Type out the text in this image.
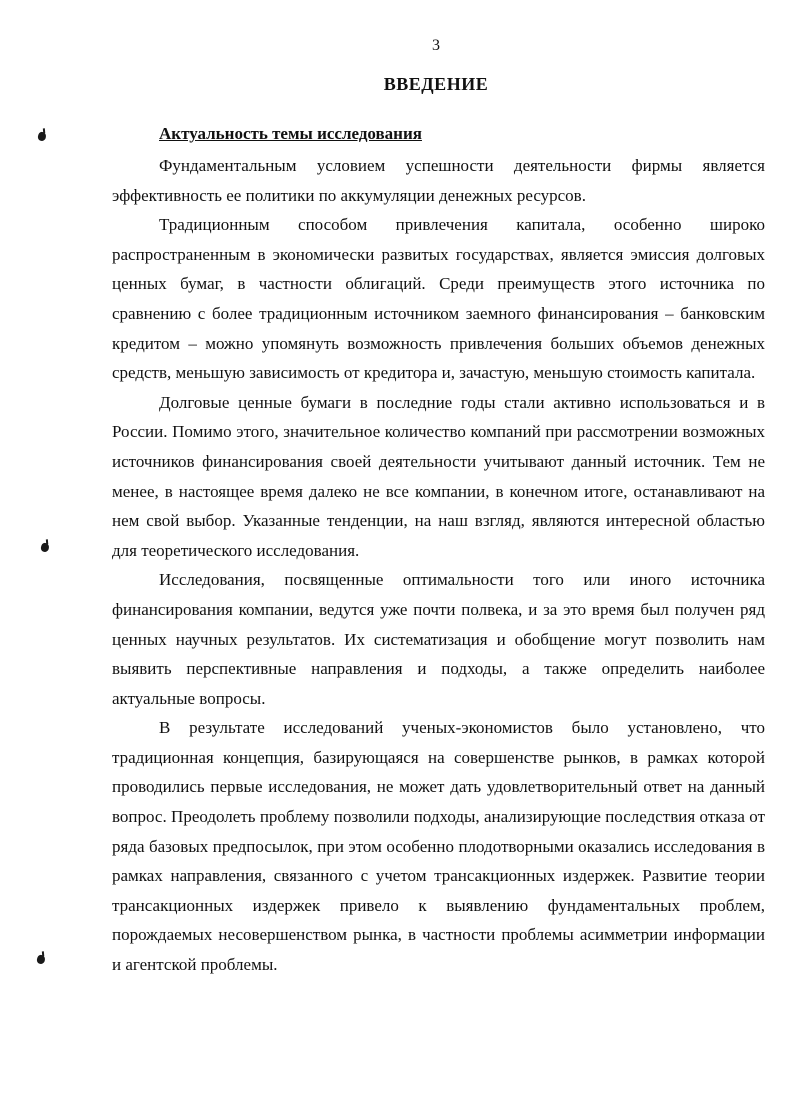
3
ВВЕДЕНИЕ
Актуальность темы исследования

Фундаментальным условием успешности деятельности фирмы является эффективность ее политики по аккумуляции денежных ресурсов.

Традиционным способом привлечения капитала, особенно широко распространенным в экономически развитых государствах, является эмиссия долговых ценных бумаг, в частности облигаций. Среди преимуществ этого источника по сравнению с более традиционным источником заемного финансирования – банковским кредитом – можно упомянуть возможность привлечения больших объемов денежных средств, меньшую зависимость от кредитора и, зачастую, меньшую стоимость капитала.

Долговые ценные бумаги в последние годы стали активно использоваться и в России. Помимо этого, значительное количество компаний при рассмотрении возможных источников финансирования своей деятельности учитывают данный источник. Тем не менее, в настоящее время далеко не все компании, в конечном итоге, останавливают на нем свой выбор. Указанные тенденции, на наш взгляд, являются интересной областью для теоретического исследования.

Исследования, посвященные оптимальности того или иного источника финансирования компании, ведутся уже почти полвека, и за это время был получен ряд ценных научных результатов. Их систематизация и обобщение могут позволить нам выявить перспективные направления и подходы, а также определить наиболее актуальные вопросы.

В результате исследований ученых-экономистов было установлено, что традиционная концепция, базирующаяся на совершенстве рынков, в рамках которой проводились первые исследования, не может дать удовлетворительный ответ на данный вопрос. Преодолеть проблему позволили подходы, анализирующие последствия отказа от ряда базовых предпосылок, при этом особенно плодотворными оказались исследования в рамках направления, связанного с учетом трансакционных издержек. Развитие теории трансакционных издержек привело к выявлению фундаментальных проблем, порождаемых несовершенством рынка, в частности проблемы асимметрии информации и агентской проблемы.
